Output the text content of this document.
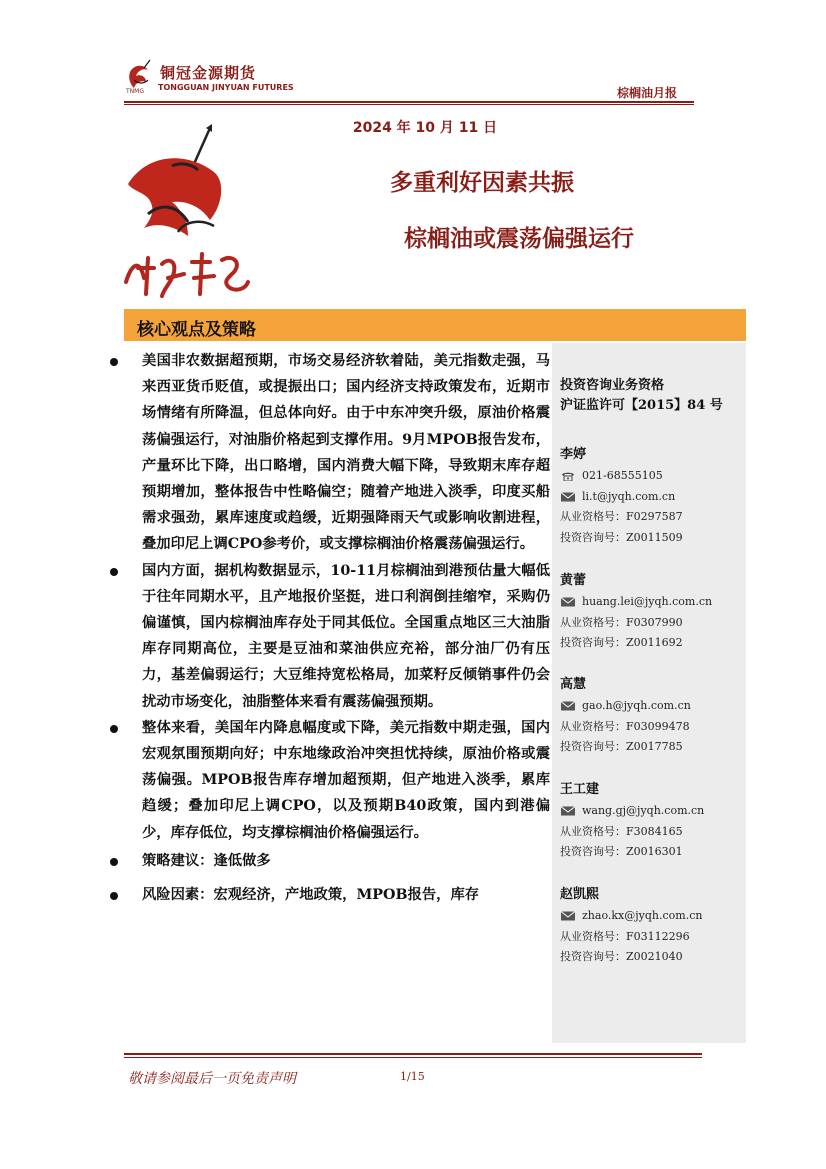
TNMG
铜冠金源期货
TONGGUAN JINYUAN FUTURES	棕榈油月报
2024 年 10 月 11 日
多重利好因素共振
棕榈油或震荡偏强运行
核心观点及策略
美国非农数据超预期，市场交易经济软着陆，美元指数走强，马来西亚货币贬值，或提振出口；国内经济支持政策发布，近期市场情绪有所降温，但总体向好。由于中东冲突升级，原油价格震荡偏强运行，对油脂价格起到支撑作用。9月MPOB报告发布，产量环比下降，出口略增，国内消费大幅下降，导致期末库存超预期增加，整体报告中性略偏空；随着产地进入淡季，印度买船需求强劲，累库速度或趋缓，近期强降雨天气或影响收割进程，叠加印尼上调CPO参考价，或支撑棕榈油价格震荡偏强运行。
国内方面，据机构数据显示，10-11月棕榈油到港预估量大幅低于往年同期水平，且产地报价坚挺，进口利润倒挂缩窄，采购仍偏谨慎，国内棕榈油库存处于同其低位。全国重点地区三大油脂库存同期高位，主要是豆油和菜油供应充裕，部分油厂仍有压力，基差偏弱运行；大豆维持宽松格局，加菜籽反倾销事件仍会扰动市场变化，油脂整体来看有震荡偏强预期。
整体来看，美国年内降息幅度或下降，美元指数中期走强，国内宏观氛围预期向好；中东地缘政治冲突担忧持续，原油价格或震荡偏强。MPOB报告库存增加超预期，但产地进入淡季，累库趋缓；叠加印尼上调CPO，以及预期B40政策，国内到港偏少，库存低位，均支撑棕榈油价格偏强运行。
策略建议：逢低做多
风险因素：宏观经济，产地政策，MPOB报告，库存
投资咨询业务资格
沪证监许可【2015】84 号
李婷
021-68555105
li.t@jyqh.com.cn
从业资格号：F0297587
投资咨询号：Z0011509
黄蕾
huang.lei@jyqh.com.cn
从业资格号：F0307990
投资咨询号：Z0011692
高慧
gao.h@jyqh.com.cn
从业资格号：F03099478
投资咨询号：Z0017785
王工建
wang.gj@jyqh.com.cn
从业资格号：F3084165
投资咨询号：Z0016301
赵凯熙
zhao.kx@jyqh.com.cn
从业资格号：F03112296
投资咨询号：Z0021040
敬请参阅最后一页免责声明	1/15
